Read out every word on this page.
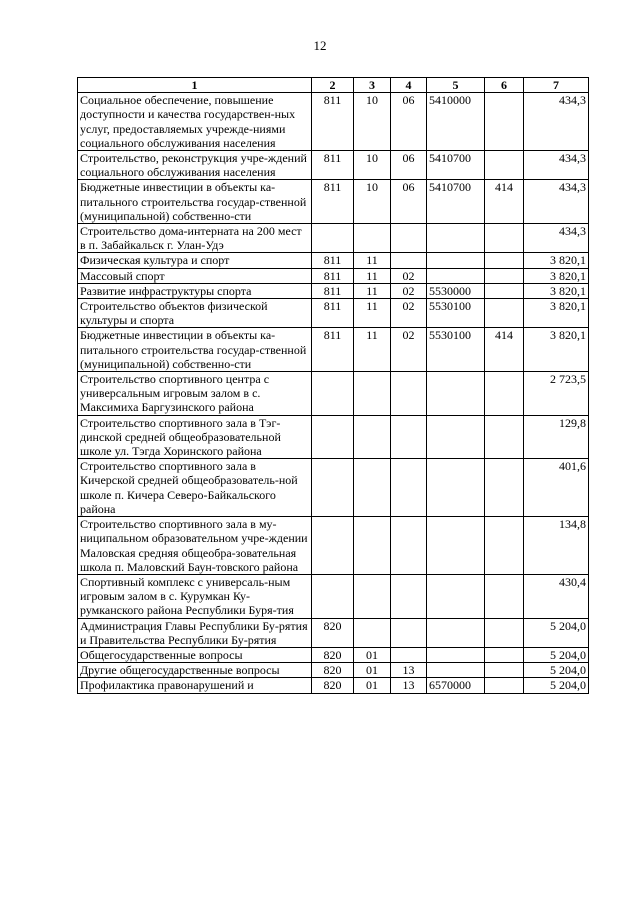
12
1	2	3	4	5	6	7
Социальное обеспечение, повышение доступности и качества государствен-ных услуг, предоставляемых учрежде-ниями социального обслуживания населения	811	10	06	5410000		434,3
Строительство, реконструкция учре-ждений социального обслуживания населения	811	10	06	5410700		434,3
Бюджетные инвестиции в объекты ка-питального строительства государ-ственной (муниципальной) собственно-сти	811	10	06	5410700	414	434,3
Строительство дома-интерната на 200 мест в п. Забайкальск г. Улан-Удэ						434,3
Физическая культура и спорт	811	11				3 820,1
Массовый спорт	811	11	02			3 820,1
Развитие инфраструктуры спорта	811	11	02	5530000		3 820,1
Строительство объектов физической культуры и спорта	811	11	02	5530100		3 820,1
Бюджетные инвестиции в объекты ка-питального строительства государ-ственной (муниципальной) собственно-сти	811	11	02	5530100	414	3 820,1
Строительство спортивного центра с универсальным игровым залом в с. Максимиха Баргузинского района						2 723,5
Строительство спортивного зала в Тэг-динской средней общеобразовательной школе ул. Тэгда Хоринского района						129,8
Строительство спортивного зала в Кичерской средней общеобразователь-ной школе п. Кичера Северо-Байкальского района						401,6
Строительство спортивного зала в му-ниципальном образовательном учре-ждении Маловская средняя общеобра-зовательная школа п. Маловский Баун-товского района						134,8
Спортивный комплекс с универсаль-ным игровым залом в с. Курумкан Ку-румканского района Республики Буря-тия						430,4
Администрация Главы Республики Бу-рятия и Правительства Республики Бу-рятия	820					5 204,0
Общегосударственные вопросы	820	01				5 204,0
Другие общегосударственные вопросы	820	01	13			5 204,0
Профилактика правонарушений и	820	01	13	6570000		5 204,0
